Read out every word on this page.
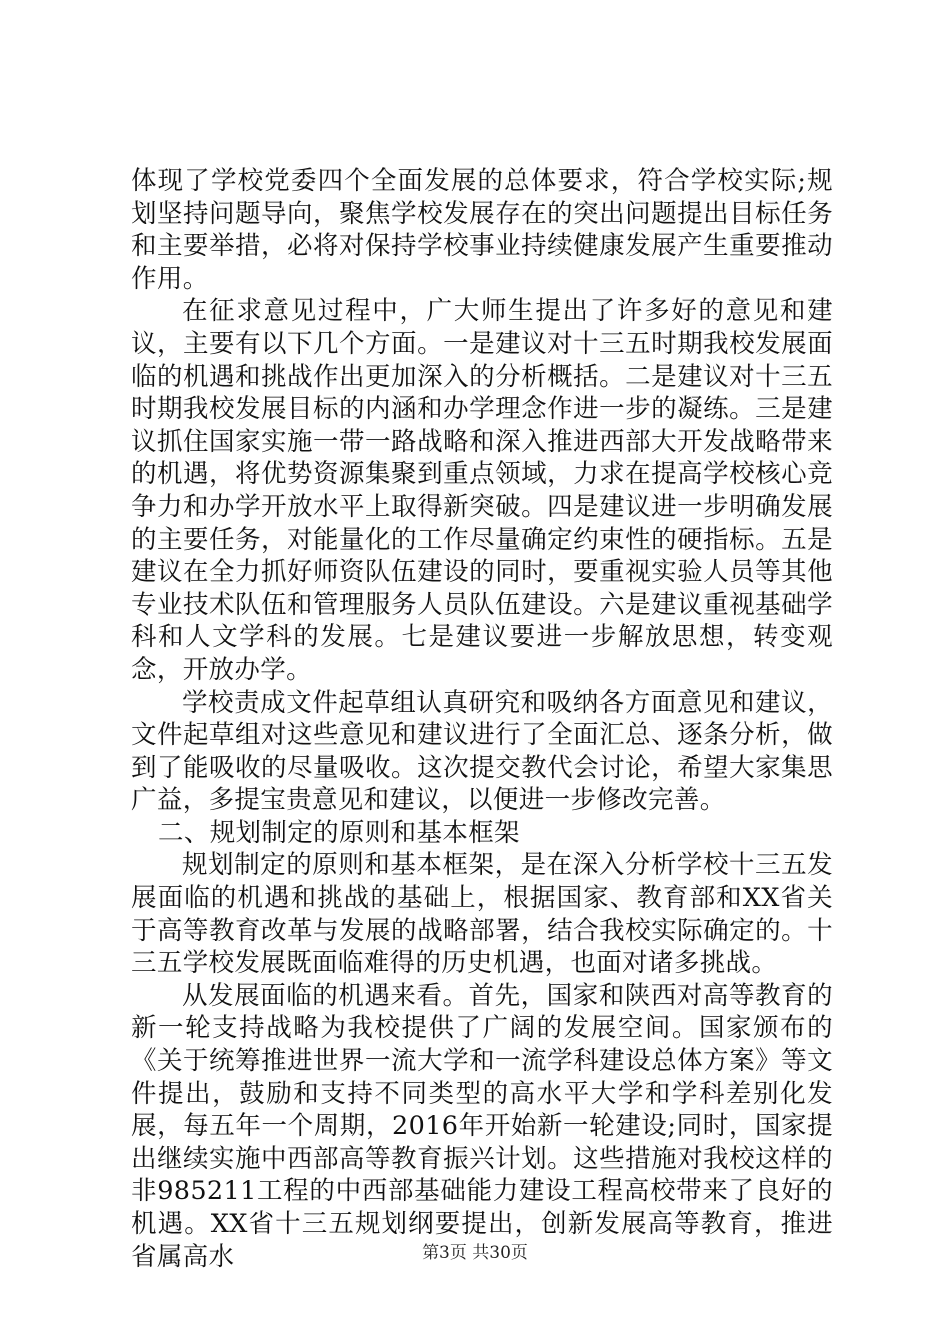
体现了学校党委四个全面发展的总体要求，符合学校实际;规划坚持问题导向，聚焦学校发展存在的突出问题提出目标任务和主要举措，必将对保持学校事业持续健康发展产生重要推动作用。

在征求意见过程中，广大师生提出了许多好的意见和建议，主要有以下几个方面。一是建议对十三五时期我校发展面临的机遇和挑战作出更加深入的分析概括。二是建议对十三五时期我校发展目标的内涵和办学理念作进一步的凝练。三是建议抓住国家实施一带一路战略和深入推进西部大开发战略带来的机遇，将优势资源集聚到重点领域，力求在提高学校核心竞争力和办学开放水平上取得新突破。四是建议进一步明确发展的主要任务，对能量化的工作尽量确定约束性的硬指标。五是建议在全力抓好师资队伍建设的同时，要重视实验人员等其他专业技术队伍和管理服务人员队伍建设。六是建议重视基础学科和人文学科的发展。七是建议要进一步解放思想，转变观念，开放办学。

学校责成文件起草组认真研究和吸纳各方面意见和建议，文件起草组对这些意见和建议进行了全面汇总、逐条分析，做到了能吸收的尽量吸收。这次提交教代会讨论，希望大家集思广益，多提宝贵意见和建议，以便进一步修改完善。

二、规划制定的原则和基本框架

规划制定的原则和基本框架，是在深入分析学校十三五发展面临的机遇和挑战的基础上，根据国家、教育部和XX省关于高等教育改革与发展的战略部署，结合我校实际确定的。十三五学校发展既面临难得的历史机遇，也面对诸多挑战。

从发展面临的机遇来看。首先，国家和陕西对高等教育的新一轮支持战略为我校提供了广阔的发展空间。国家颁布的《关于统筹推进世界一流大学和一流学科建设总体方案》等文件提出，鼓励和支持不同类型的高水平大学和学科差别化发展，每五年一个周期，2016年开始新一轮建设;同时，国家提出继续实施中西部高等教育振兴计划。这些措施对我校这样的非985211工程的中西部基础能力建设工程高校带来了良好的机遇。XX省十三五规划纲要提出，创新发展高等教育，推进省属高水	第3页 共30页
